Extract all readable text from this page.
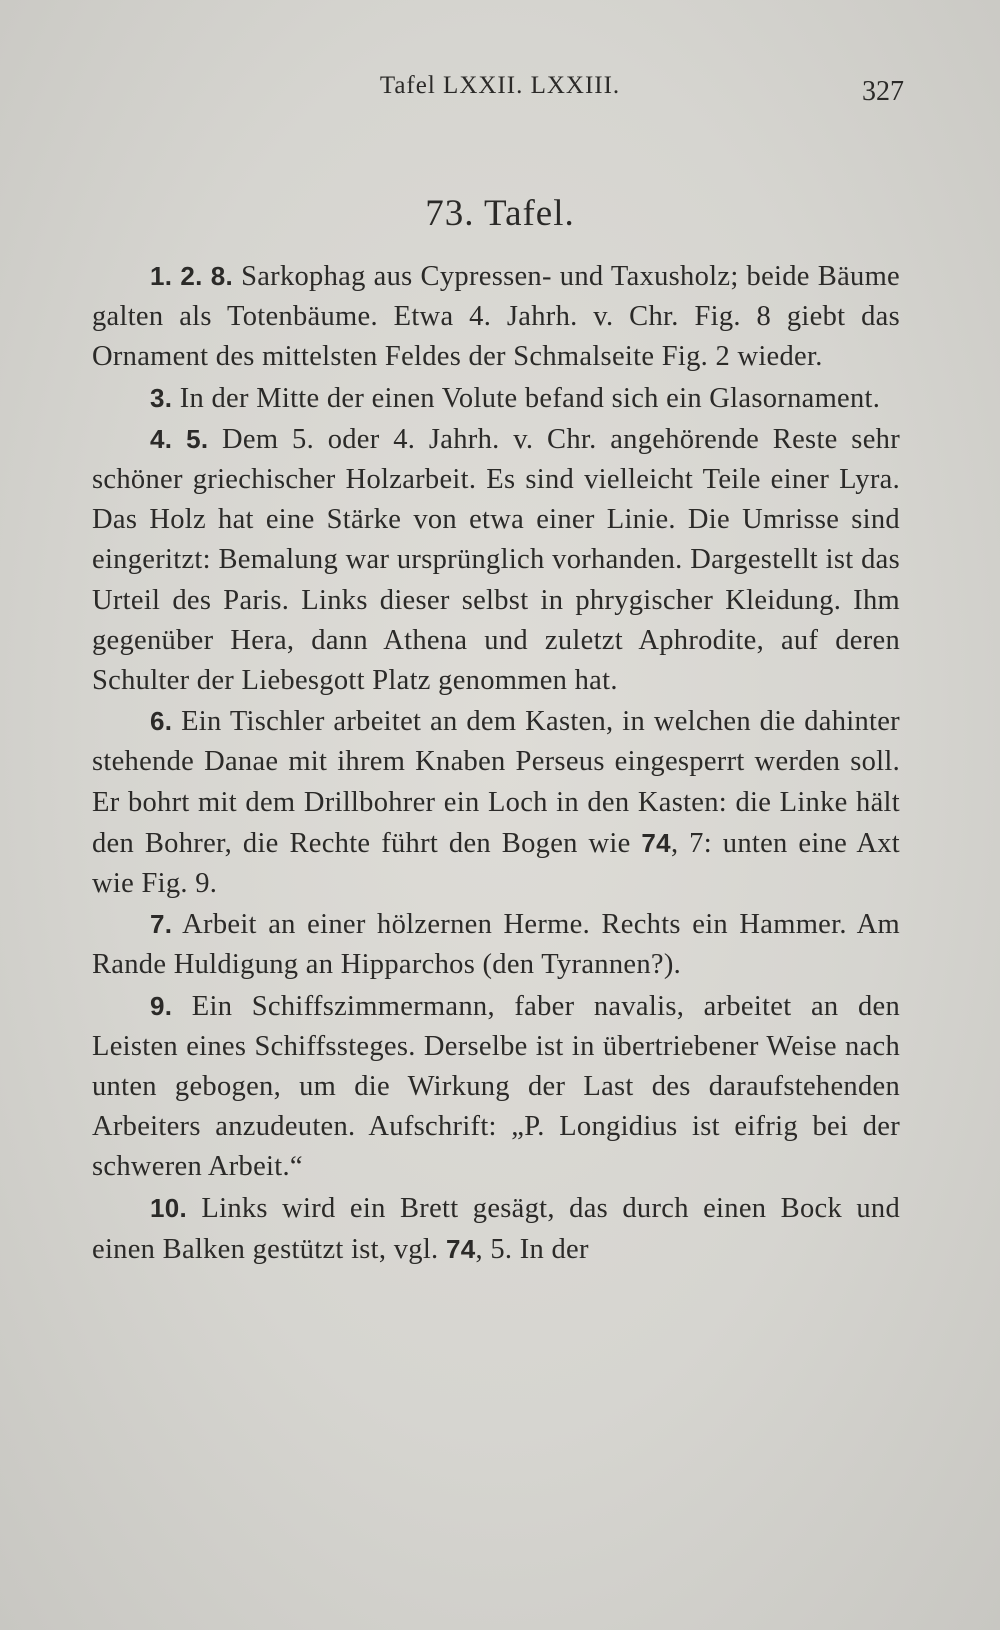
Tafel LXXII. LXXIII.	327
73. Tafel.

1. 2. 8. Sarkophag aus Cypressen- und Taxusholz; beide Bäume galten als Totenbäume. Etwa 4. Jahrh. v. Chr. Fig. 8 giebt das Ornament des mittelsten Feldes der Schmalseite Fig. 2 wieder.

3. In der Mitte der einen Volute befand sich ein Glasornament.

4. 5. Dem 5. oder 4. Jahrh. v. Chr. angehörende Reste sehr schöner griechischer Holzarbeit. Es sind vielleicht Teile einer Lyra. Das Holz hat eine Stärke von etwa einer Linie. Die Umrisse sind eingeritzt: Bemalung war ursprünglich vorhanden. Dargestellt ist das Urteil des Paris. Links dieser selbst in phrygischer Kleidung. Ihm gegenüber Hera, dann Athena und zuletzt Aphrodite, auf deren Schulter der Liebesgott Platz genommen hat.

6. Ein Tischler arbeitet an dem Kasten, in welchen die dahinter stehende Danae mit ihrem Knaben Perseus eingesperrt werden soll. Er bohrt mit dem Drillbohrer ein Loch in den Kasten: die Linke hält den Bohrer, die Rechte führt den Bogen wie 74, 7: unten eine Axt wie Fig. 9.

7. Arbeit an einer hölzernen Herme. Rechts ein Hammer. Am Rande Huldigung an Hipparchos (den Tyrannen?).

9. Ein Schiffszimmermann, faber navalis, arbeitet an den Leisten eines Schiffssteges. Derselbe ist in übertriebener Weise nach unten gebogen, um die Wirkung der Last des daraufstehenden Arbeiters anzudeuten. Aufschrift: „P. Longidius ist eifrig bei der schweren Arbeit.“

10. Links wird ein Brett gesägt, das durch einen Bock und einen Balken gestützt ist, vgl. 74, 5. In der
